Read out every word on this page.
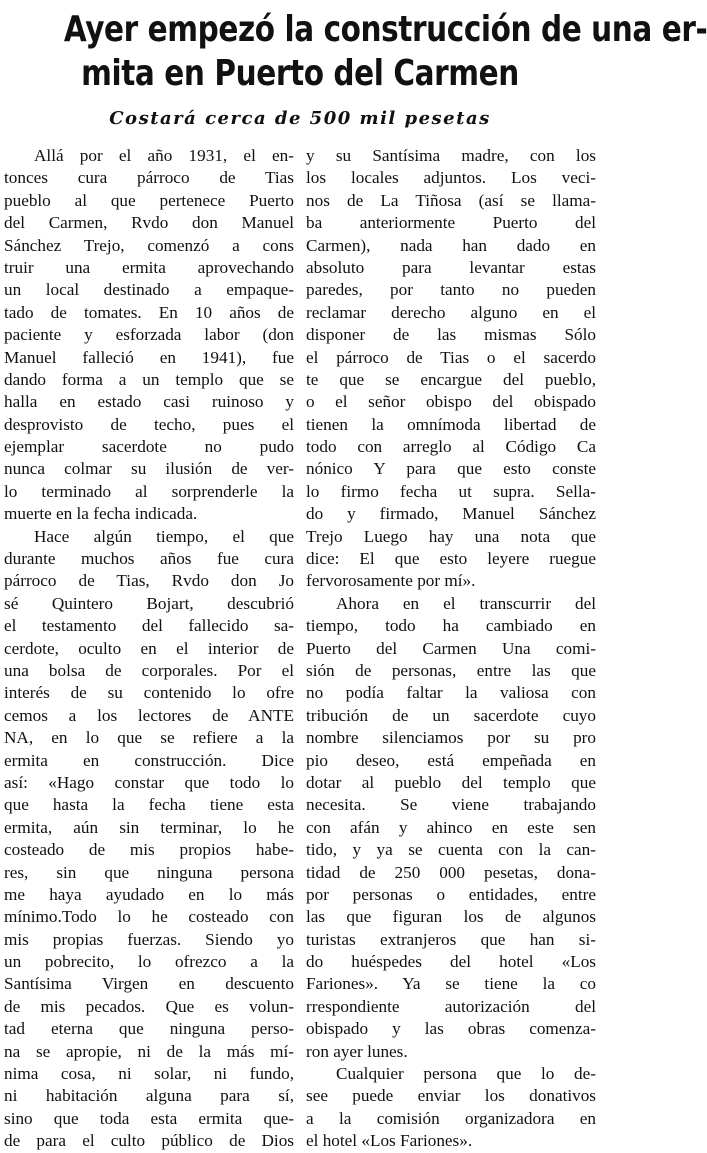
Ayer empezó la construcción de una er-
mita en Puerto del Carmen
Costará cerca de 500 mil pesetas
Allá por el año 1931, el en-
tonces cura párroco de Tias
pueblo al que pertenece Puerto
del Carmen, Rvdo don Manuel
Sánchez Trejo, comenzó a cons
truir una ermita aprovechando
un local destinado a empaque-
tado de tomates. En 10 años de
paciente y esforzada labor (don
Manuel falleció en 1941), fue
dando forma a un templo que se
halla en estado casi ruinoso y
desprovisto de techo, pues el
ejemplar sacerdote no pudo
nunca colmar su ilusión de ver-
lo terminado al sorprenderle la
muerte en la fecha indicada.
Hace algún tiempo, el que
durante muchos años fue cura
párroco de Tias, Rvdo don Jo
sé Quintero Bojart, descubrió
el testamento del fallecido sa-
cerdote, oculto en el interior de
una bolsa de corporales. Por el
interés de su contenido lo ofre
cemos a los lectores de ANTE
NA, en lo que se refiere a la
ermita en construcción. Dice
así: «Hago constar que todo lo
que hasta la fecha tiene esta
ermita, aún sin terminar, lo he
costeado de mis propios habe-
res, sin que ninguna persona
me haya ayudado en lo más
mínimo.Todo lo he costeado con
mis propias fuerzas. Siendo yo
un pobrecito, lo ofrezco a la
Santísima Virgen en descuento
de mis pecados. Que es volun-
tad eterna que ninguna perso-
na se apropie, ni de la más mí-
nima cosa, ni solar, ni fundo,
ni habitación alguna para sí,
sino que toda esta ermita que-
de para el culto público de Dios
y su Santísima madre, con los
los locales adjuntos. Los veci-
nos de La Tiñosa (así se llama-
ba anteriormente Puerto del
Carmen), nada han dado en
absoluto para levantar estas
paredes, por tanto no pueden
reclamar derecho alguno en el
disponer de las mismas Sólo
el párroco de Tias o el sacerdo
te que se encargue del pueblo,
o el señor obispo del obispado
tienen la omnímoda libertad de
todo con arreglo al Código Ca
nónico Y para que esto conste
lo firmo fecha ut supra. Sella-
do y firmado, Manuel Sánchez
Trejo Luego hay una nota que
dice: El que esto leyere ruegue
fervorosamente por mí».
Ahora en el transcurrir del
tiempo, todo ha cambiado en
Puerto del Carmen Una comi-
sión de personas, entre las que
no podía faltar la valiosa con
tribución de un sacerdote cuyo
nombre silenciamos por su pro
pio deseo, está empeñada en
dotar al pueblo del templo que
necesita. Se viene trabajando
con afán y ahinco en este sen
tido, y ya se cuenta con la can-
tidad de 250 000 pesetas, dona-
por personas o entidades, entre
las que figuran los de algunos
turistas extranjeros que han si-
do huéspedes del hotel «Los
Fariones». Ya se tiene la co
rrespondiente autorización del
obispado y las obras comenza-
ron ayer lunes.
Cualquier persona que lo de-
see puede enviar los donativos
a la comisión organizadora en
el hotel «Los Fariones».
